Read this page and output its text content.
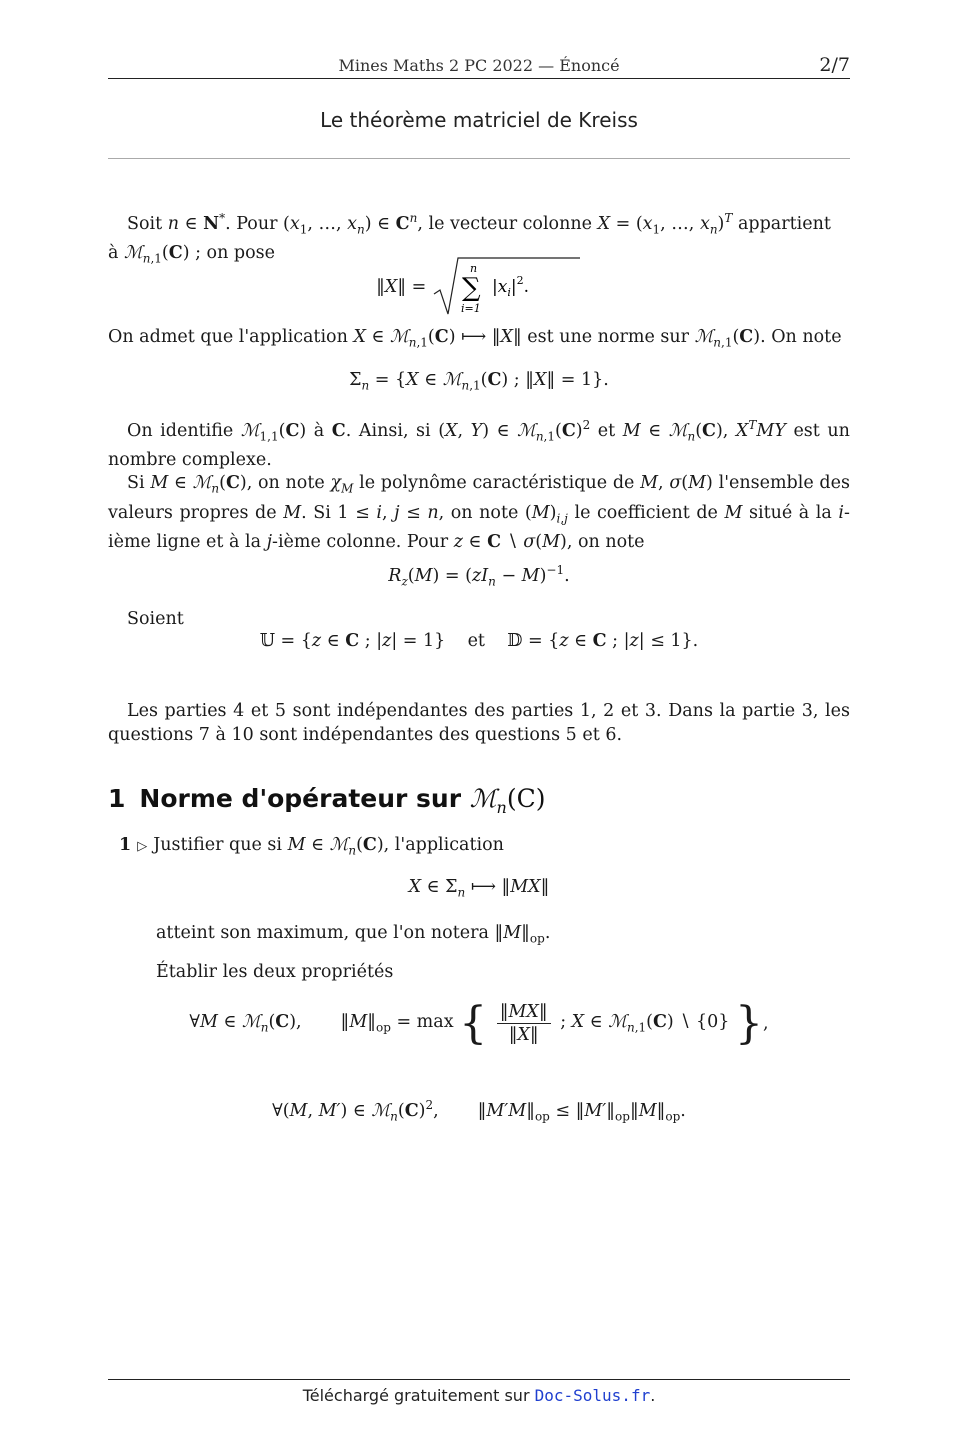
Mines Maths 2 PC 2022 — Énoncé	2/7
Le théorème matriciel de Kreiss
Soit n ∈ N*. Pour ($x_1$, …, $x_n$) ∈ $C^n$, le vecteur colonne $X = (x_1$, …, $x_n)^T$ appartient
à ℳ$_{n,1}$(C) ; on pose
‖X‖ =
n
∑
i=1
$|x_i|^2$.
On admet que l'application X ∈ ℳ$_{n,1}$(C) ⟼ ‖X‖ est une norme sur ℳ$_{n,1}$(C). On note
$\Sigma_n = \{X$ ∈ ℳ$_{n,1}$(C) ; ‖X‖ = 1}.
On identifie ℳ$_{1,1}$(C) à C. Ainsi, si (X, Y) ∈ $ℳ_{n,1}(C)^2$ et M ∈ ℳ$_n$(C), $X^TMY$ est un nombre complexe.
Si M ∈ ℳ$_n$(C), on note $\chi_M$ le polynôme caractéristique de M, σ(M) l'ensemble des valeurs propres de M. Si 1 ≤ i, j ≤ n, on note $(M)_{i,j}$ le coefficient de M situé à la i-ième ligne et à la j-ième colonne. Pour z ∈ C ∖ σ(M), on note
$R_z(M) = (zI_n - M)^{-1}$.
Soient
𝕌 = {z ∈ C ; |z| = 1}    et    𝔻 = {z ∈ C ; |z| ≤ 1}.
Les parties 4 et 5 sont indépendantes des parties 1, 2 et 3. Dans la partie 3, les questions 7 à 10 sont indépendantes des questions 5 et 6.
1 Norme d'opérateur sur ℳ$_n$(C)
1 ▷ Justifier que si M ∈ ℳ$_n$(C), l'application
X ∈ $\Sigma_n$ ⟼ ‖MX‖
atteint son maximum, que l'on notera $‖M‖_{op}$.
Établir les deux propriétés
∀M ∈ ℳ$_n$(C),       $‖M‖_{op} = \max$ { $\frac{‖MX‖}{‖X‖}$ ; X ∈ ℳ$_{n,1}$(C) ∖ {0} },
∀(M, M′) ∈ $ℳ_n(C)^2$,       $‖M'M‖_{op}$ ≤ $‖M'‖_{op}‖M‖_{op}$.
Téléchargé gratuitement sur Doc-Solus.fr.
